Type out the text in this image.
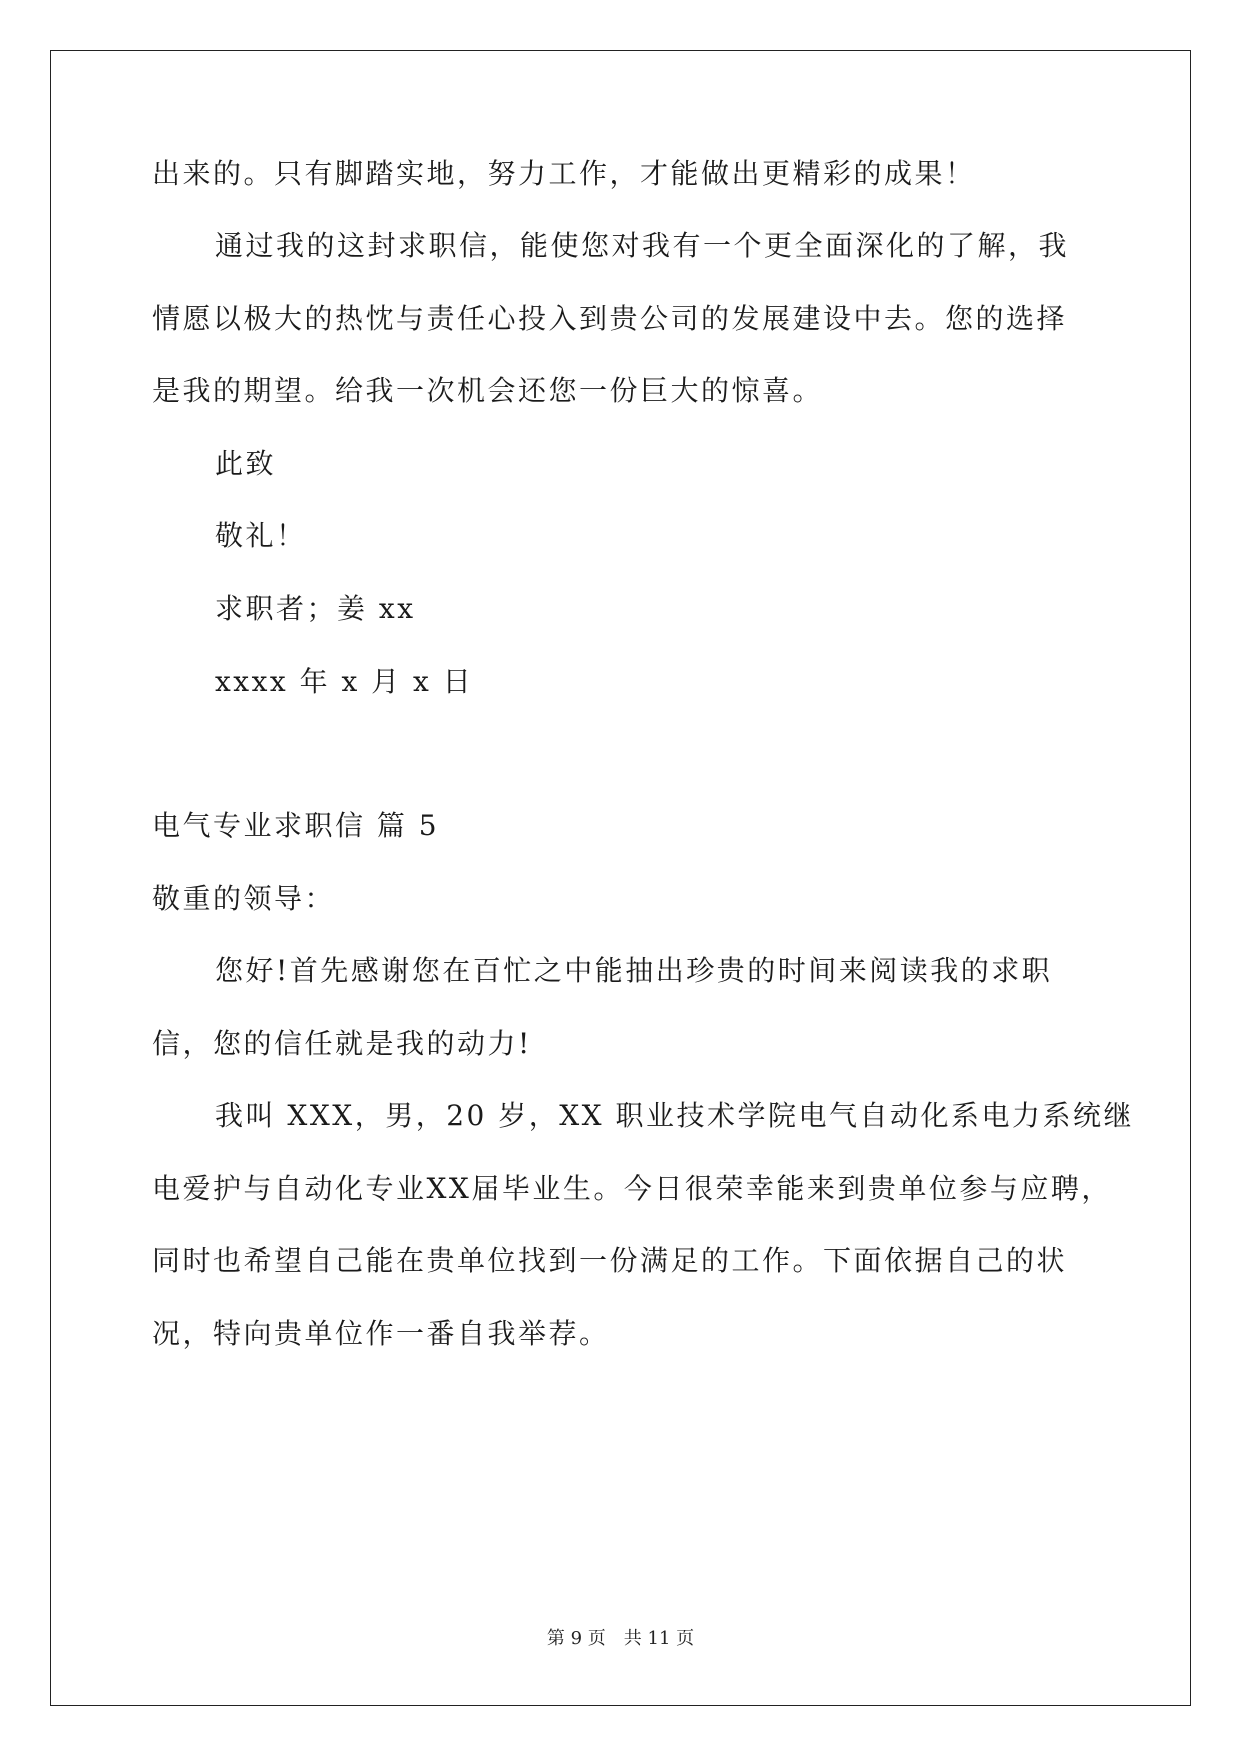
出来的。只有脚踏实地，努力工作，才能做出更精彩的成果！
通过我的这封求职信，能使您对我有一个更全面深化的了解，我
情愿以极大的热忱与责任心投入到贵公司的发展建设中去。您的选择
是我的期望。给我一次机会还您一份巨大的惊喜。
此致
敬礼！
求职者；姜 xx
xxxx 年 x 月 x 日
电气专业求职信 篇 5
敬重的领导：
您好!首先感谢您在百忙之中能抽出珍贵的时间来阅读我的求职
信，您的信任就是我的动力!
我叫 XXX，男，20 岁，XX 职业技术学院电气自动化系电力系统继
电爱护与自动化专业XX届毕业生。今日很荣幸能来到贵单位参与应聘，
同时也希望自己能在贵单位找到一份满足的工作。下面依据自己的状
况，特向贵单位作一番自我举荐。
第 9 页 共 11 页
